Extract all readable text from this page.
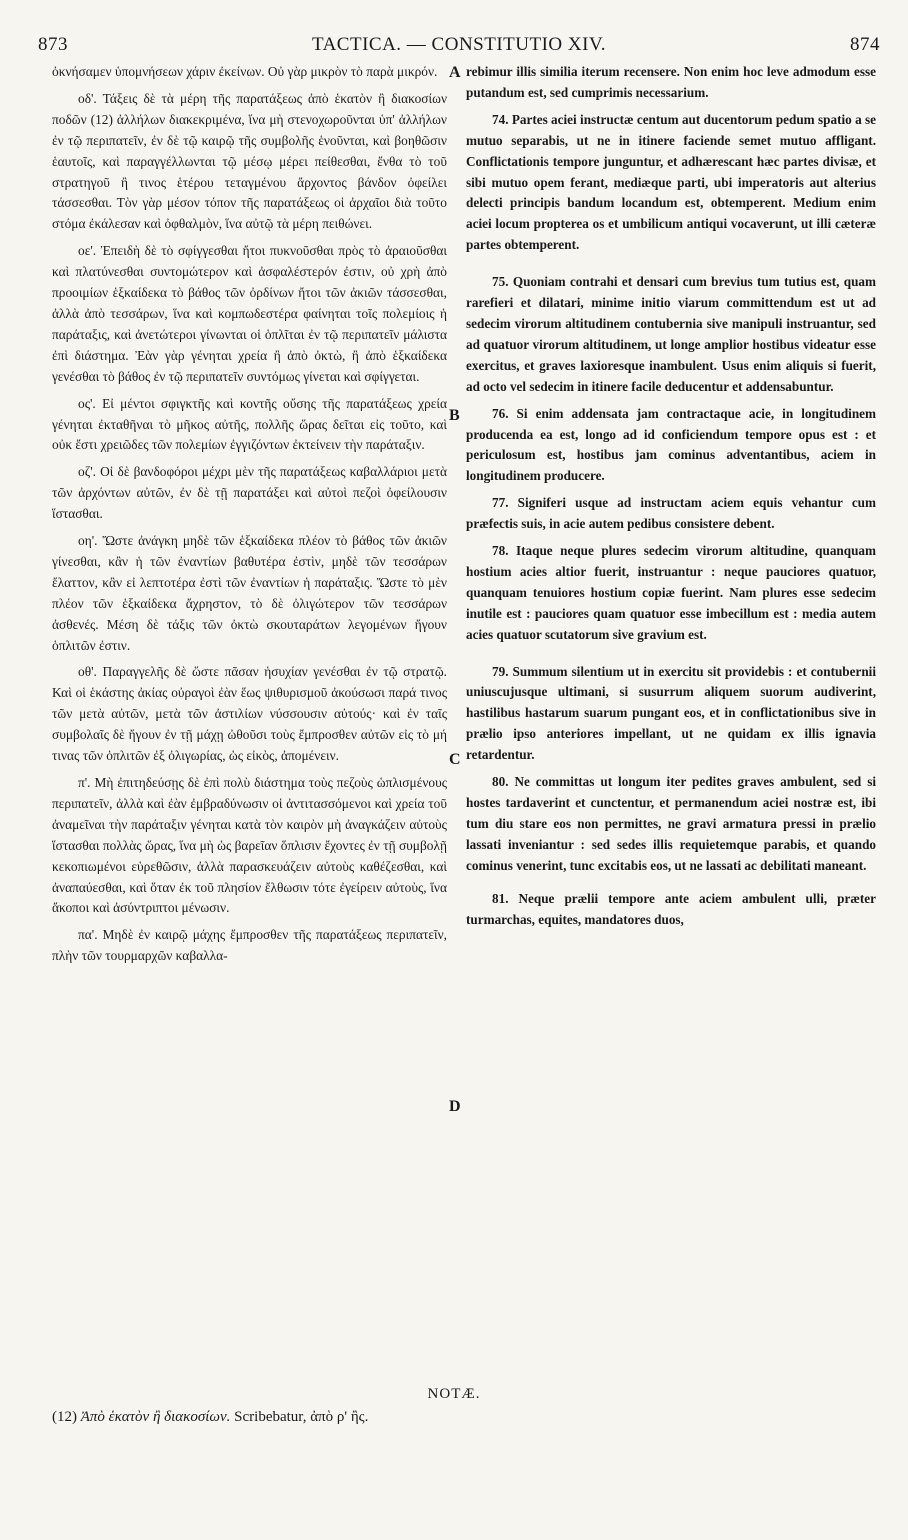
873	TACTICA. — CONSTITUTIO XIV.	874

ὀκνήσαμεν ὑπομνήσεων χάριν ἐκείνων. Οὐ γὰρ μικρὸν τὸ παρὰ μικρόν.

οδ'. Τάξεις δὲ τὰ μέρη τῆς παρατάξεως ἀπὸ ἑκατὸν ἢ διακοσίων ποδῶν (12) ἀλλήλων διακεκριμένα, ἵνα μὴ στενοχωροῦνται ὑπ' ἀλλήλων ἐν τῷ περιπατεῖν, ἐν δὲ τῷ καιρῷ τῆς συμβολῆς ἑνοῦνται, καὶ βοηθῶσιν ἑαυτοῖς, καὶ παραγγέλλωνται τῷ μέσῳ μέρει πείθεσθαι, ἔνθα τὸ τοῦ στρατηγοῦ ἢ τινος ἑτέρου τεταγμένου ἄρχοντος βάνδον ὀφείλει τάσσεσθαι. Τὸν γὰρ μέσον τόπον τῆς παρατάξεως οἱ ἀρχαῖοι διὰ τοῦτο στόμα ἐκάλεσαν καὶ ὀφθαλμὸν, ἵνα αὐτῷ τὰ μέρη πειθώνει.

οε'. Ἐπειδὴ δὲ τὸ σφίγγεσθαι ἤτοι πυκνοῦσθαι πρὸς τὸ ἀραιοῦσθαι καὶ πλατύνεσθαι συντομώτερον καὶ ἀσφαλέστερόν ἐστιν, οὐ χρὴ ἀπὸ προοιμίων ἑξκαίδεκα τὸ βάθος τῶν ὀρδίνων ἤτοι τῶν ἀκιῶν τάσσεσθαι, ἀλλὰ ἀπὸ τεσσάρων, ἵνα καὶ κομπωδεστέρα φαίνηται τοῖς πολεμίοις ἡ παράταξις, καὶ ἀνετώτεροι γίνωνται οἱ ὁπλῖται ἐν τῷ περιπατεῖν μάλιστα ἐπὶ διάστημα. Ἐὰν γὰρ γένηται χρεία ἢ ἀπὸ ὀκτὼ, ἢ ἀπὸ ἑξκαίδεκα γενέσθαι τὸ βάθος ἐν τῷ περιπατεῖν συντόμως γίνεται καὶ σφίγγεται.

ος'. Εἰ μέντοι σφιγκτῆς καὶ κοντῆς οὔσης τῆς παρατάξεως χρεία γένηται ἐκταθῆναι τὸ μῆκος αὐτῆς, πολλῆς ὥρας δεῖται εἰς τοῦτο, καὶ οὐκ ἔστι χρειῶδες τῶν πολεμίων ἐγγιζόντων ἐκτείνειν τὴν παράταξιν.

οζ'. Οἱ δὲ βανδοφόροι μέχρι μὲν τῆς παρατάξεως καβαλλάριοι μετὰ τῶν ἀρχόντων αὐτῶν, ἐν δὲ τῇ παρατάξει καὶ αὐτοὶ πεζοὶ ὀφείλουσιν ἵστασθαι.

οη'. Ὥστε ἀνάγκη μηδὲ τῶν ἑξκαίδεκα πλέον τὸ βάθος τῶν ἀκιῶν γίνεσθαι, κἂν ἡ τῶν ἐναντίων βαθυτέρα ἐστὶν, μηδὲ τῶν τεσσάρων ἔλαττον, κἂν εἰ λεπτοτέρα ἐστὶ τῶν ἐναντίων ἡ παράταξις. Ὥστε τὸ μὲν πλέον τῶν ἑξκαίδεκα ἄχρηστον, τὸ δὲ ὀλιγώτερον τῶν τεσσάρων ἀσθενές. Μέση δὲ τάξις τῶν ὀκτὼ σκουταράτων λεγομένων ἤγουν ὁπλιτῶν ἐστιν.

οθ'. Παραγγελῆς δὲ ὥστε πᾶσαν ἡσυχίαν γενέσθαι ἐν τῷ στρατῷ. Καὶ οἱ ἑκάστης ἀκίας οὐραγοὶ ἐὰν ἕως ψιθυρισμοῦ ἀκούσωσι παρά τινος τῶν μετὰ αὐτῶν, μετὰ τῶν ἀστιλίων νύσσουσιν αὐτούς· καὶ ἐν ταῖς συμβολαῖς δὲ ἤγουν ἐν τῇ μάχῃ ὠθοῦσι τοὺς ἔμπροσθεν αὐτῶν εἰς τὸ μή τινας τῶν ὁπλιτῶν ἐξ ὀλιγωρίας, ὡς εἰκὸς, ἀπομένειν.

π'. Μὴ ἐπιτηδεύσῃς δὲ ἐπὶ πολὺ διάστημα τοὺς πεζοὺς ὡπλισμένους περιπατεῖν, ἀλλὰ καὶ ἐὰν ἐμβραδύνωσιν οἱ ἀντιτασσόμενοι καὶ χρεία τοῦ ἀναμεῖναι τὴν παράταξιν γένηται κατὰ τὸν καιρὸν μὴ ἀναγκάζειν αὐτοὺς ἵστασθαι πολλὰς ὥρας, ἵνα μὴ ὡς βαρεῖαν ὅπλισιν ἔχοντες ἐν τῇ συμβολῇ κεκοπιωμένοι εὑρεθῶσιν, ἀλλὰ παρασκευάζειν αὐτοὺς καθέζεσθαι, καὶ ἀναπαύεσθαι, καὶ ὅταν ἐκ τοῦ πλησίον ἔλθωσιν τότε ἐγείρειν αὐτοὺς, ἵνα ἄκοποι καὶ ἀσύντριπτοι μένωσιν.

πα'. Μηδὲ ἐν καιρῷ μάχης ἔμπροσθεν τῆς παρατάξεως περιπατεῖν, πλὴν τῶν τουρμαρχῶν καβαλλα-

rebimur illis similia iterum recensere. Non enim hoc leve admodum esse putandum est, sed cumprimis necessarium.

74. Partes aciei instructæ centum aut ducentorum pedum spatio a se mutuo separabis, ut ne in itinere faciende semet mutuo affligant. Conflictationis tempore junguntur, et adhærescant hæc partes divisæ, et sibi mutuo opem ferant, mediæque parti, ubi imperatoris aut alterius delecti principis bandum locandum est, obtemperent. Medium enim aciei locum propterea os et umbilicum antiqui vocaverunt, ut illi cæteræ partes obtemperent.

75. Quoniam contrahi et densari cum brevius tum tutius est, quam rarefieri et dilatari, minime initio viarum committendum est ut ad sedecim virorum altitudinem contubernia sive manipuli instruantur, sed ad quatuor virorum altitudinem, ut longe amplior hostibus videatur esse exercitus, et graves laxioresque inambulent. Usus enim aliquis si fuerit, ad octo vel sedecim in itinere facile deducentur et addensabuntur.

76. Si enim addensata jam contractaque acie, in longitudinem producenda ea est, longo ad id conficiendum tempore opus est : et periculosum est, hostibus jam cominus adventantibus, aciem in longitudinem producere.

77. Signiferi usque ad instructam aciem equis vehantur cum præfectis suis, in acie autem pedibus consistere debent.

78. Itaque neque plures sedecim virorum altitudine, quanquam hostium acies altior fuerit, instruantur : neque pauciores quatuor, quanquam tenuiores hostium copiæ fuerint. Nam plures esse sedecim inutile est : pauciores quam quatuor esse imbecillum est : media autem acies quatuor scutatorum sive gravium est.

79. Summum silentium ut in exercitu sit providebis : et contubernii uniuscujusque ultimani, si susurrum aliquem suorum audiverint, hastilibus hastarum suarum pungant eos, et in conflictationibus sive in prælio ipso anteriores impellant, ut ne quidam ex illis ignavia retardentur.

80. Ne committas ut longum iter pedites graves ambulent, sed si hostes tardaverint et cunctentur, et permanendum aciei nostræ est, ibi tum diu stare eos non permittes, ne gravi armatura pressi in prælio lassati inveniantur : sed sedes illis requietemque parabis, et quando cominus venerint, tunc excitabis eos, ut ne lassati ac debilitati maneant.

81. Neque prælii tempore ante aciem ambulent ulli, præter turmarchas, equites, mandatores duos,

A
B
C
D
NOTÆ.
(12) Ἀπὸ ἑκατὸν ἢ διακοσίων. Scribebatur, ἀπὸ ρ' ἢς.
